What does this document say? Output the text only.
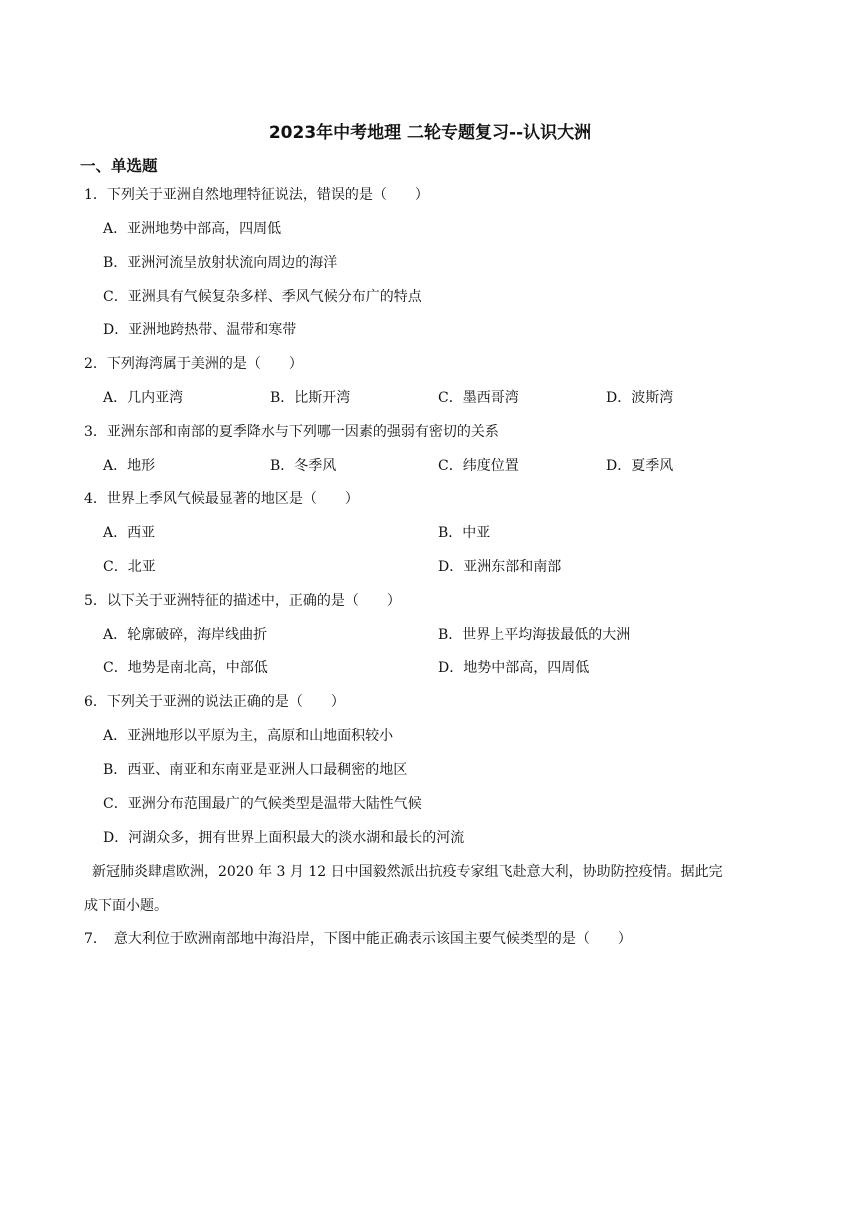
2023年中考地理 二轮专题复习--认识大洲
一、单选题
1．下列关于亚洲自然地理特征说法，错误的是（　　）
A．亚洲地势中部高，四周低
B．亚洲河流呈放射状流向周边的海洋
C．亚洲具有气候复杂多样、季风气候分布广的特点
D．亚洲地跨热带、温带和寒带
2．下列海湾属于美洲的是（　　）
A．几内亚湾	B．比斯开湾	C．墨西哥湾	D．波斯湾
3．亚洲东部和南部的夏季降水与下列哪一因素的强弱有密切的关系
A．地形	B．冬季风	C．纬度位置	D．夏季风
4．世界上季风气候最显著的地区是（　　）
A．西亚	B．中亚
C．北亚	D．亚洲东部和南部
5．以下关于亚洲特征的描述中，正确的是（　　）
A．轮廓破碎，海岸线曲折	B．世界上平均海拔最低的大洲
C．地势是南北高，中部低	D．地势中部高，四周低
6．下列关于亚洲的说法正确的是（　　）
A．亚洲地形以平原为主，高原和山地面积较小
B．西亚、南亚和东南亚是亚洲人口最稠密的地区
C．亚洲分布范围最广的气候类型是温带大陆性气候
D．河湖众多，拥有世界上面积最大的淡水湖和最长的河流
新冠肺炎肆虐欧洲，2020 年 3 月 12 日中国毅然派出抗疫专家组飞赴意大利，协助防控疫情。据此完
成下面小题。
7．　意大利位于欧洲南部地中海沿岸，下图中能正确表示该国主要气候类型的是（　　）
